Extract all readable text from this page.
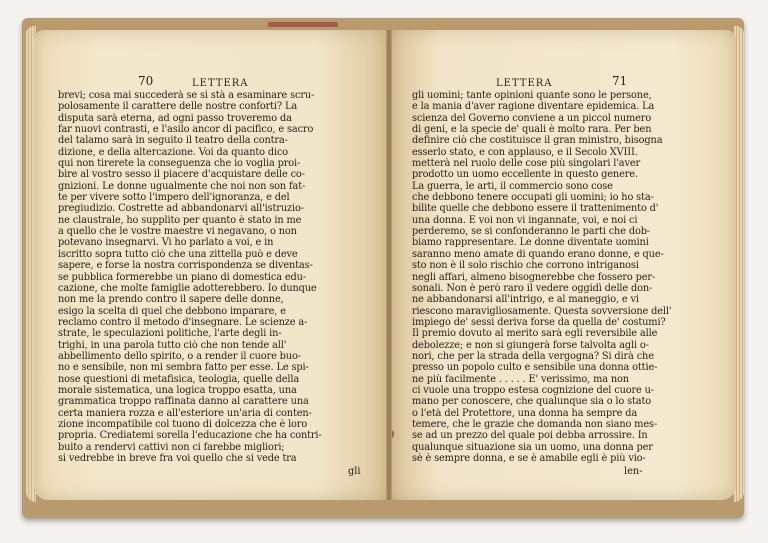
70	LETTERA
brevi; cosa mai succederà se si stà a esaminare scru-
polosamente il carattere delle nostre conforti? La
disputa sarà eterna, ad ogni passo troveremo da
far nuovi contrasti, e l'asilo ancor di pacifico, e sacro
del talamo sarà in seguito il teatro della contra-
dizione, e della altercazione. Voi da quanto dico
qui non tirerete la conseguenza che io voglia proi-
bire al vostro sesso il piacere d'acquistare delle co-
gnizioni. Le donne ugualmente che noi non son fat-
te per vivere sotto l'impero dell'ignoranza, e del
pregiudizio. Costrette ad abbandonarvi all'istruzio-
ne claustrale, ho supplito per quanto è stato in me
a quello che le vostre maestre vi negavano, o non
potevano insegnarvi. Vi ho parlato a voi, e in
iscritto sopra tutto ciò che una zittella può e deve
sapere, e forse la nostra corrispondenza se diventas-
se pubblica formerebbe un piano di domestica edu-
cazione, che molte famiglie adotterebbero. Io dunque
non me la prendo contro il sapere delle donne,
esigo la scelta di quel che debbono imparare, e
reclamo contro il metodo d'insegnare. Le scienze a-
strate, le speculazioni politiche, l'arte degli in-
trighi, in una parola tutto ciò che non tende all'
abbellimento dello spirito, o a render il cuore buo-
no e sensibile, non mi sembra fatto per esse. Le spi-
nose questioni di metafisica, teologia, quelle della
morale sistematica, una logica troppo esatta, una
grammatica troppo raffinata danno al carattere una
certa maniera rozza e all'esteriore un'aria di conten-
zione incompatibile col tuono di dolcezza che è loro
propria. Crediatemi sorella l'educazione che ha contri-
buito a rendervi cattivi non ci farebbe migliori;
si vedrebbe in breve fra voi quello che si vede tra
gli
LETTERA	71
gli uomini; tante opinioni quante sono le persone,
e la mania d'aver ragione diventare epidemica. La
scienza del Governo conviene a un piccol numero
di geni, e la specie de' quali è molto rara. Per ben
definire ciò che costituisce il gran ministro, bisogna
esserlo stato, e con applauso, e il Secolo XVIII.
metterà nel ruolo delle cose più singolari l'aver
prodotto un uomo eccellente in questo genere.
La guerra, le arti, il commercio sono cose
che debbono tenere occupati gli uomini; io ho sta-
bilite quelle che debbono essere il trattenimento d'
una donna. E voi non vi ingannate, voi, e noi ci
perderemo, se si confonderanno le parti che dob-
biamo rappresentare. Le donne diventate uomini
saranno meno amate di quando erano donne, e que-
sto non è il solo rischio che corrono intriganosi
negli affari, almeno bisognerebbe che fossero per-
sonali. Non è però raro il vedere oggidì delle don-
ne abbandonarsi all'intrigo, e al maneggio, e vi
riescono maravigliosamente. Questa sovversione dell'
impiego de' sessi deriva forse da quella de' costumi?
Il premio dovuto al merito sarà egli reversibile alle
debolezze; e non si giungerà forse talvolta agli o-
nori, che per la strada della vergogna? Si dirà che
presso un popolo culto e sensibile una donna ottie-
ne più facilmente . . . . . E' verissimo, ma non
ci vuole una troppo estesa cognizione del cuore u-
mano per conoscere, che qualunque sia o lo stato
o l'età del Protettore, una donna ha sempre da
temere, che le grazie che domanda non siano mes-
se ad un prezzo del quale poi debba arrossire. In
qualunque situazione sia un uomo, una donna per
sè è sempre donna, e se è amabile egli è più vio-
len-
